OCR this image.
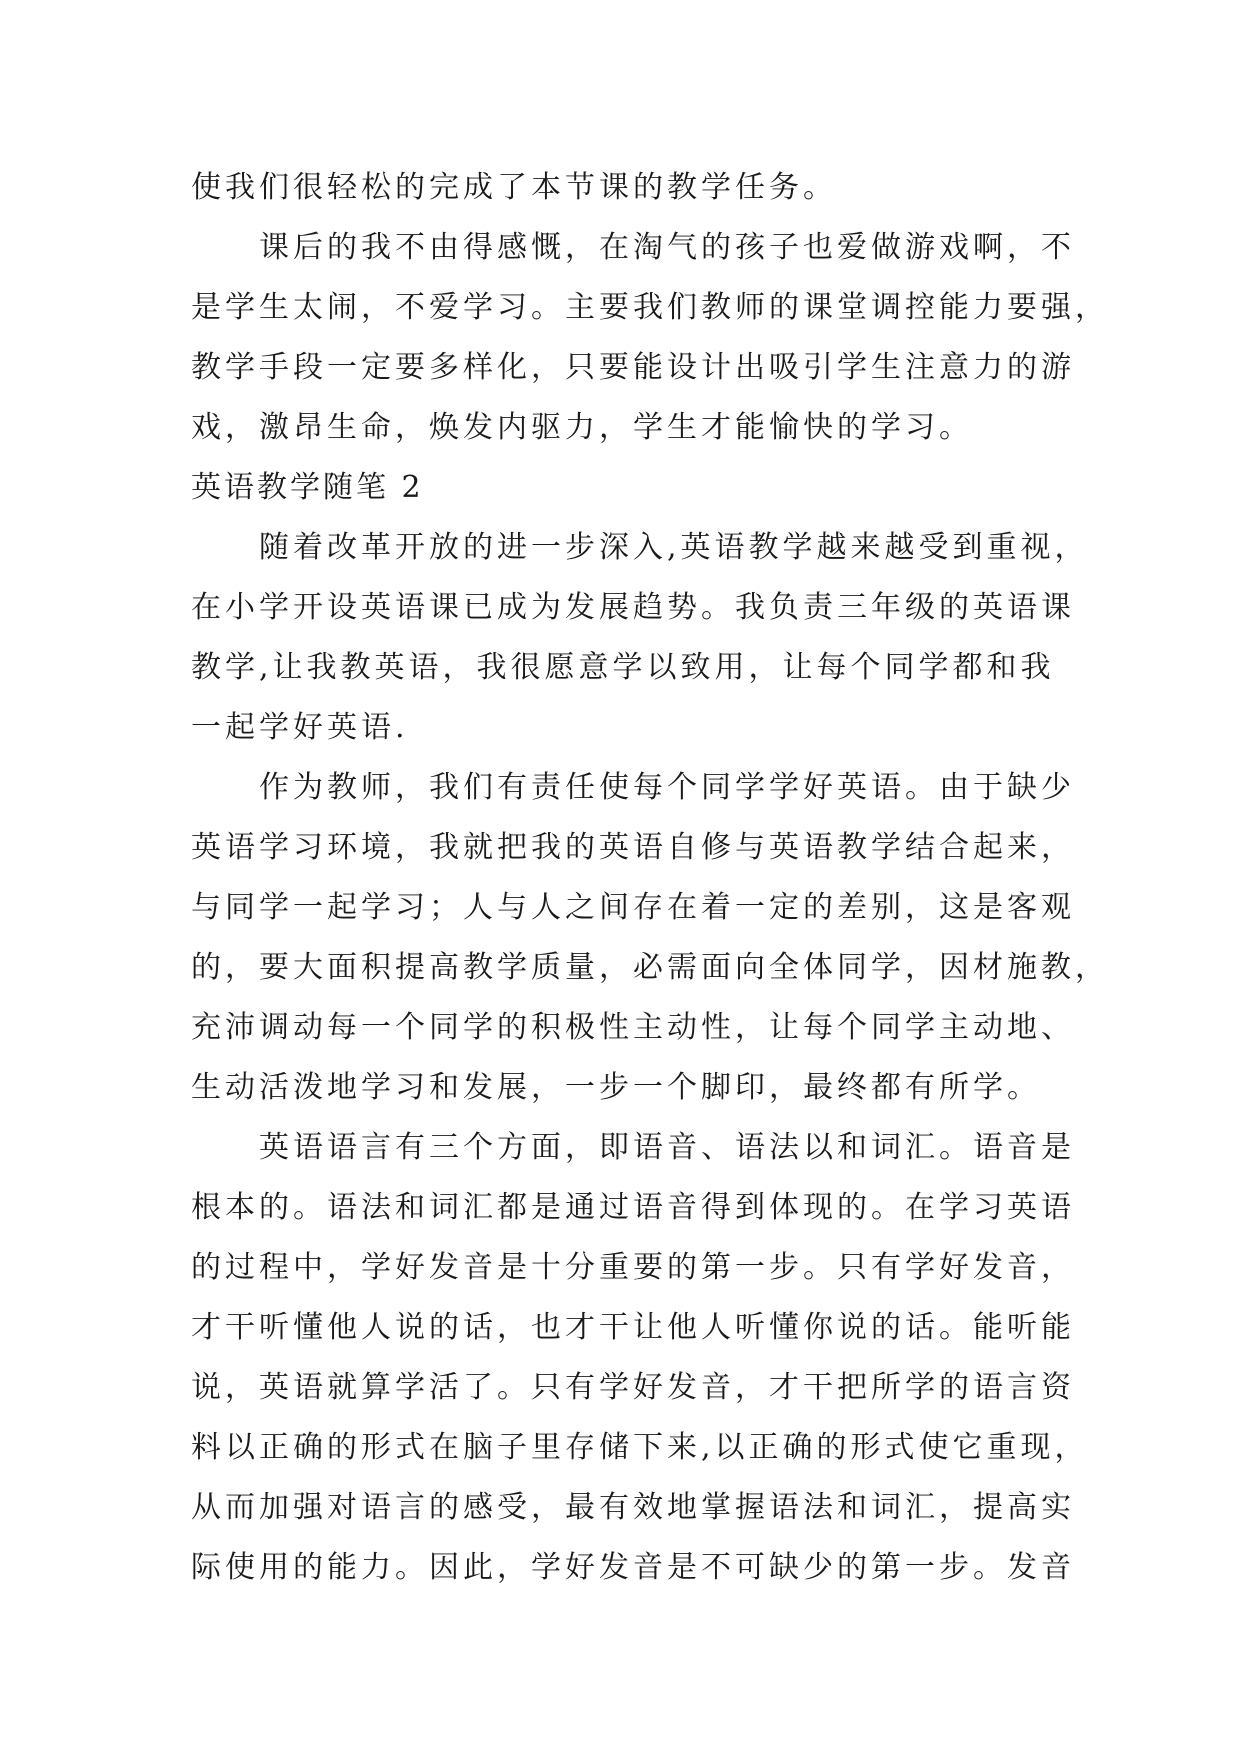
使我们很轻松的完成了本节课的教学任务。
课后的我不由得感慨，在淘气的孩子也爱做游戏啊，不
是学生太闹，不爱学习。主要我们教师的课堂调控能力要强，
教学手段一定要多样化，只要能设计出吸引学生注意力的游
戏，激昂生命，焕发内驱力，学生才能愉快的学习。
英语教学随笔 2
随着改革开放的进一步深入,英语教学越来越受到重视，
在小学开设英语课已成为发展趋势。我负责三年级的英语课
教学,让我教英语，我很愿意学以致用，让每个同学都和我
一起学好英语.
作为教师，我们有责任使每个同学学好英语。由于缺少
英语学习环境，我就把我的英语自修与英语教学结合起来，
与同学一起学习；人与人之间存在着一定的差别，这是客观
的，要大面积提高教学质量，必需面向全体同学，因材施教，
充沛调动每一个同学的积极性主动性，让每个同学主动地、
生动活泼地学习和发展，一步一个脚印，最终都有所学。
英语语言有三个方面，即语音、语法以和词汇。语音是
根本的。语法和词汇都是通过语音得到体现的。在学习英语
的过程中，学好发音是十分重要的第一步。只有学好发音，
才干听懂他人说的话，也才干让他人听懂你说的话。能听能
说，英语就算学活了。只有学好发音，才干把所学的语言资
料以正确的形式在脑子里存储下来,以正确的形式使它重现，
从而加强对语言的感受，最有效地掌握语法和词汇，提高实
际使用的能力。因此，学好发音是不可缺少的第一步。发音
